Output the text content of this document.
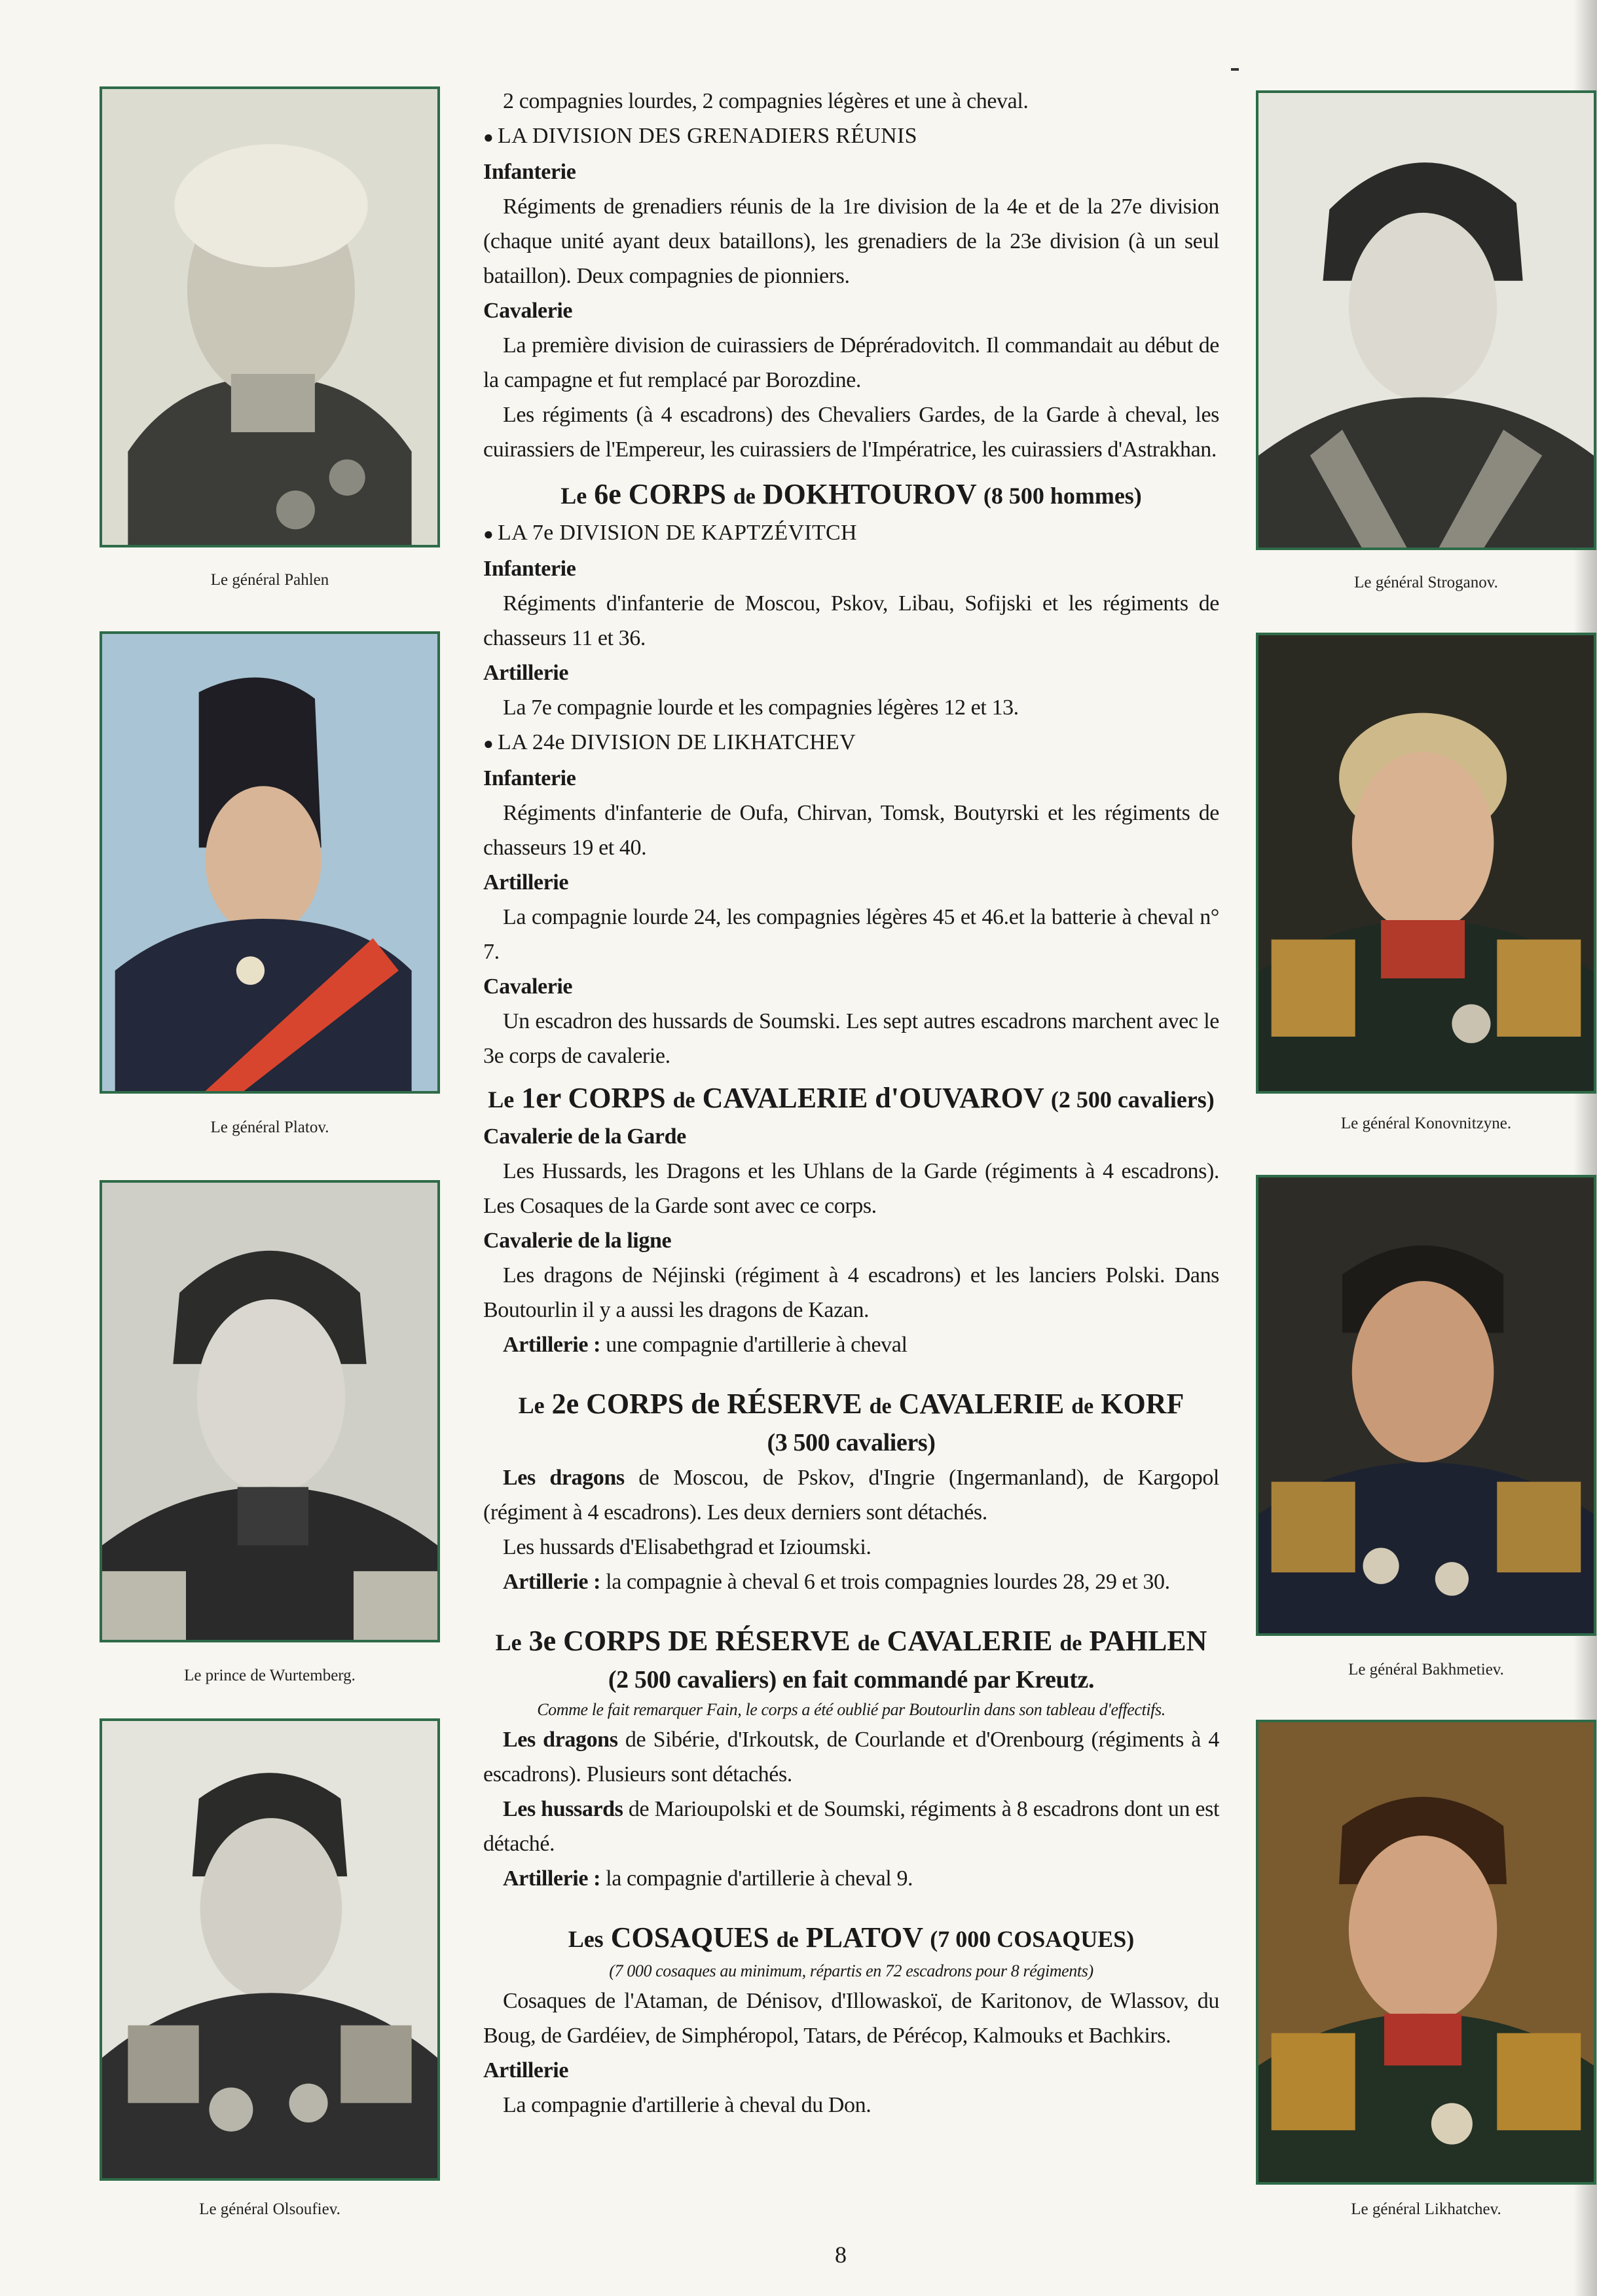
Le général Pahlen
Le général Platov.
Le prince de Wurtemberg.
Le général Olsoufiev.
Le général Stroganov.
Le général Konovnitzyne.
Le général Bakhmetiev.
Le général Likhatchev.

2 compagnies lourdes, 2 compagnies légères et une à cheval.

● LA DIVISION DES GRENADIERS RÉUNIS

Infanterie

Régiments de grenadiers réunis de la 1re division de la 4e et de la 27e division (chaque unité ayant deux bataillons), les grenadiers de la 23e division (à un seul bataillon). Deux compagnies de pionniers.

Cavalerie

La première division de cuirassiers de Dépréradovitch. Il commandait au début de la campagne et fut remplacé par Borozdine.

Les régiments (à 4 escadrons) des Chevaliers Gardes, de la Garde à cheval, les cuirassiers de l'Empereur, les cuirassiers de l'Impératrice, les cuirassiers d'Astrakhan.

Le 6e CORPS de DOKHTOUROV (8 500 hommes)

● LA 7e DIVISION DE KAPTZÉVITCH

Infanterie

Régiments d'infanterie de Moscou, Pskov, Libau, Sofijski et les régiments de chasseurs 11 et 36.

Artillerie

La 7e compagnie lourde et les compagnies légères 12 et 13.

● LA 24e DIVISION DE LIKHATCHEV

Infanterie

Régiments d'infanterie de Oufa, Chirvan, Tomsk, Boutyrski et les régiments de chasseurs 19 et 40.

Artillerie

La compagnie lourde 24, les compagnies légères 45 et 46.et la batterie à cheval n° 7.

Cavalerie

Un escadron des hussards de Soumski. Les sept autres escadrons marchent avec le 3e corps de cavalerie.

Le 1er CORPS de CAVALERIE d'OUVAROV (2 500 cavaliers)

Cavalerie de la Garde

Les Hussards, les Dragons et les Uhlans de la Garde (régiments à 4 escadrons). Les Cosaques de la Garde sont avec ce corps.

Cavalerie de la ligne

Les dragons de Néjinski (régiment à 4 escadrons) et les lanciers Polski. Dans Boutourlin il y a aussi les dragons de Kazan.

Artillerie : une compagnie d'artillerie à cheval

Le 2e CORPS de RÉSERVE de CAVALERIE de KORF
(3 500 cavaliers)

Les dragons de Moscou, de Pskov, d'Ingrie (Ingermanland), de Kargopol (régiment à 4 escadrons). Les deux derniers sont détachés.

Les hussards d'Elisabethgrad et Izioumski.

Artillerie : la compagnie à cheval 6 et trois compagnies lourdes 28, 29 et 30.

Le 3e CORPS DE RÉSERVE de CAVALERIE de PAHLEN
(2 500 cavaliers) en fait commandé par Kreutz.
Comme le fait remarquer Fain, le corps a été oublié par Boutourlin dans son tableau d'effectifs.

Les dragons de Sibérie, d'Irkoutsk, de Courlande et d'Orenbourg (régiments à 4 escadrons). Plusieurs sont détachés.

Les hussards de Marioupolski et de Soumski, régiments à 8 escadrons dont un est détaché.

Artillerie : la compagnie d'artillerie à cheval 9.

Les COSAQUES de PLATOV (7 000 COSAQUES)
(7 000 cosaques au minimum, répartis en 72 escadrons pour 8 régiments)

Cosaques de l'Ataman, de Dénisov, d'Illowaskoï, de Karitonov, de Wlassov, du Boug, de Gardéiev, de Simphéropol, Tatars, de Pérécop, Kalmouks et Bachkirs.

Artillerie

La compagnie d'artillerie à cheval du Don.

8
